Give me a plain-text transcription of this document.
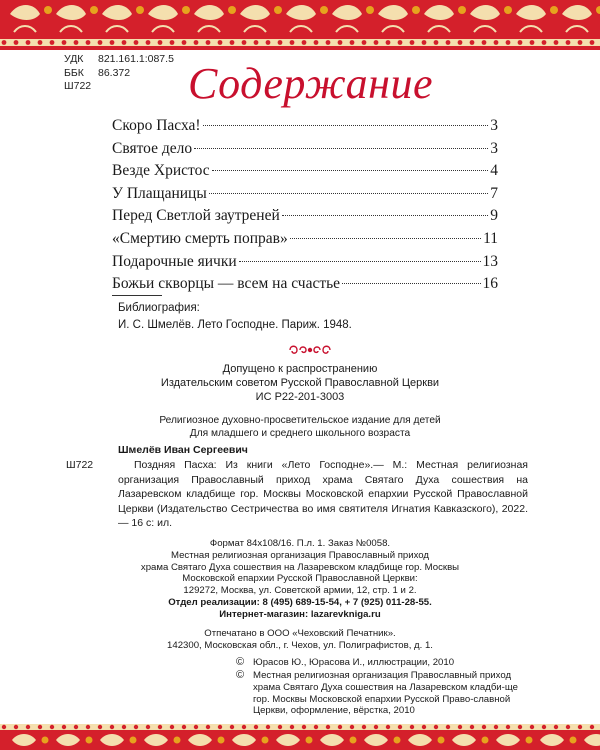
УДК 821.161.1:087.5
ББК 86.372
Ш722	Содержание
Скоро Пасха!	3
Святое дело	3
Везде Христос	4
У Плащаницы	7
Перед Светлой заутреней	9
«Смертию смерть поправ»	11
Подарочные яички	13
Божьи скворцы — всем на счастье	16
Библиография:
И. С. Шмелёв. Лето Господне. Париж. 1948.
Допущено к распространению
Издательским советом Русской Православной Церкви
ИС Р22-201-3003
Религиозное духовно-просветительское издание для детей
Для младшего и среднего школьного возраста
Шмелёв Иван Сергеевич
Ш722	Поздняя Пасха: Из книги «Лето Господне».— М.: Местная религиозная организация Православный приход храма Святаго Духа сошествия на Лазаревском кладбище гор. Москвы Московской епархии Русской Православной Церкви (Издательство Сестричества во имя святителя Игнатия Кавказского), 2022.— 16 с: ил.

Формат 84х108/16. П.л. 1. Заказ №0058.
Местная религиозная организация Православный приход
храма Святаго Духа сошествия на Лазаревском кладбище гор. Москвы
Московской епархии Русской Православной Церкви:
129272, Москва, ул. Советской армии, 12, стр. 1 и 2.
Отдел реализации: 8 (495) 689-15-54, + 7 (925) 011-28-55.
Интернет-магазин: lazarevknigа.ru
Отпечатано в ООО «Чеховский Печатник».
142300, Московская обл., г. Чехов, ул. Полиграфистов, д. 1.
© Юрасов Ю., Юрасова И., иллюстрации, 2010
© Местная религиозная организация Православный приход храма Святаго Духа сошествия на Лазаревском кладби-ще гор. Москвы Московской епархии Русской Право-славной Церкви, оформление, вёрстка, 2010
